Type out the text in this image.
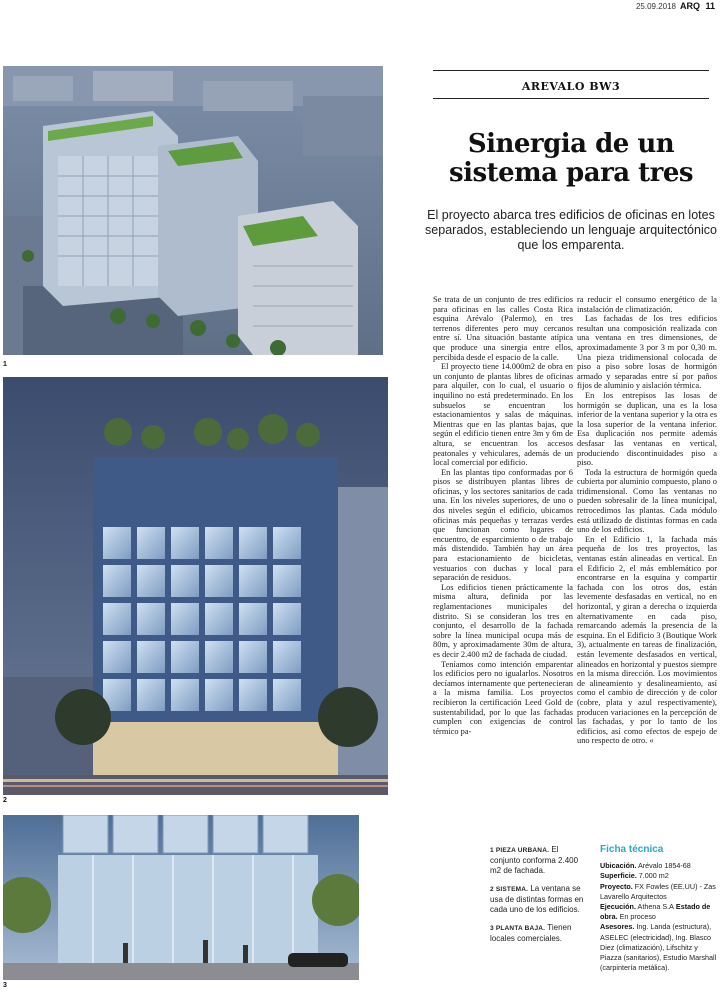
25.09.2018 ARQ 11
1
2
3
AREVALO BW3
Sinergia de un
sistema para tres
El proyecto abarca tres edificios de oficinas en lotes separados, estableciendo un lenguaje arquitectónico que los emparenta.

Se trata de un conjunto de tres edificios para oficinas en las calles Costa Rica esquina Arévalo (Palermo), en tres terrenos diferentes pero muy cercanos entre sí. Una situación bastante atípica que produce una sinergia entre ellos, percibida desde el espacio de la calle.

El proyecto tiene 14.000m2 de obra en un conjunto de plantas libres de oficinas para alquiler, con lo cual, el usuario o inquilino no está predeterminado. En los subsuelos se encuentran los estacionamientos y salas de máquinas. Mientras que en las plantas bajas, que según el edificio tienen entre 3m y 6m de altura, se encuentran los accesos peatonales y vehiculares, además de un local comercial por edificio.

En las plantas tipo conformadas por 6 pisos se distribuyen plantas libres de oficinas, y los sectores sanitarios de cada una. En los niveles superiores, de uno o dos niveles según el edificio, ubicamos oficinas más pequeñas y terrazas verdes que funcionan como lugares de encuentro, de esparcimiento o de trabajo más distendido. También hay un área para estacionamiento de bicicletas, vestuarios con duchas y local para separación de residuos.

Los edificios tienen prácticamente la misma altura, definida por las reglamentaciones municipales del distrito. Si se consideran los tres en conjunto, el desarrollo de la fachada sobre la línea municipal ocupa más de 80m, y aproximadamente 30m de altura, es decir 2.400 m2 de fachada de ciudad.

Teníamos como intención emparentar los edificios pero no igualarlos. Nosotros decíamos internamente que pertenecieran a la misma familia. Los proyectos recibieron la certificación Leed Gold de sustentabilidad, por lo que las fachadas cumplen con exigencias de control térmico pa-

ra reducir el consumo energético de la instalación de climatización.

Las fachadas de los tres edificios resultan una composición realizada con una ventana en tres dimensiones, de aproximadamente 3 por 3 m por 0,30 m. Una pieza tridimensional colocada de piso a piso sobre losas de hormigón armado y separadas entre sí por paños fijos de aluminio y aislación térmica.

En los entrepisos las losas de hormigón se duplican, una es la losa inferior de la ventana superior y la otra es la losa superior de la ventana inferior. Esa duplicación nos permite además desfasar las ventanas en vertical, produciendo discontinuidades piso a piso.

Toda la estructura de hormigón queda cubierta por aluminio compuesto, plano o tridimensional. Como las ventanas no pueden sobresalir de la línea municipal, retrocedimos las plantas. Cada módulo está utilizado de distintas formas en cada uno de los edificios.

En el Edificio 1, la fachada más pequeña de los tres proyectos, las ventanas están alineadas en vertical. En el Edificio 2, el más emblemático por encontrarse en la esquina y compartir fachada con los otros dos, están levemente desfasadas en vertical, no en horizontal, y giran a derecha o izquierda alternativamente en cada piso, remarcando además la presencia de la esquina. En el Edificio 3 (Boutique Work 3), actualmente en tareas de finalización, están levemente desfasados en vertical, alineados en horizontal y puestos siempre en la misma dirección. Los movimientos de alineamiento y desalineamiento, así como el cambio de dirección y de color (cobre, plata y azul respectivamente), producen variaciones en la percepción de las fachadas, y por lo tanto de los edificios, así como efectos de espejo de uno respecto de otro. «

1 PIEZA URBANA. El conjunto conforma 2.400 m2 de fachada.
2 SISTEMA. La ventana se usa de distintas formas en cada uno de los edificios.
3 PLANTA BAJA. Tienen locales comerciales.
Ficha técnica
Ubicación. Arévalo 1854-68
Superficie. 7.000 m2
Proyecto. FX Fowles (EE.UU) - Zas Lavarello Arquitectos
Ejecución. Athena S.A Estado de obra. En proceso
Asesores. Ing. Landa (estructura), ASELEC (electricidad), Ing. Blasco Diez (climatización), Lifschitz y Piazza (sanitarios), Estudio Marshall (carpintería metálica).
